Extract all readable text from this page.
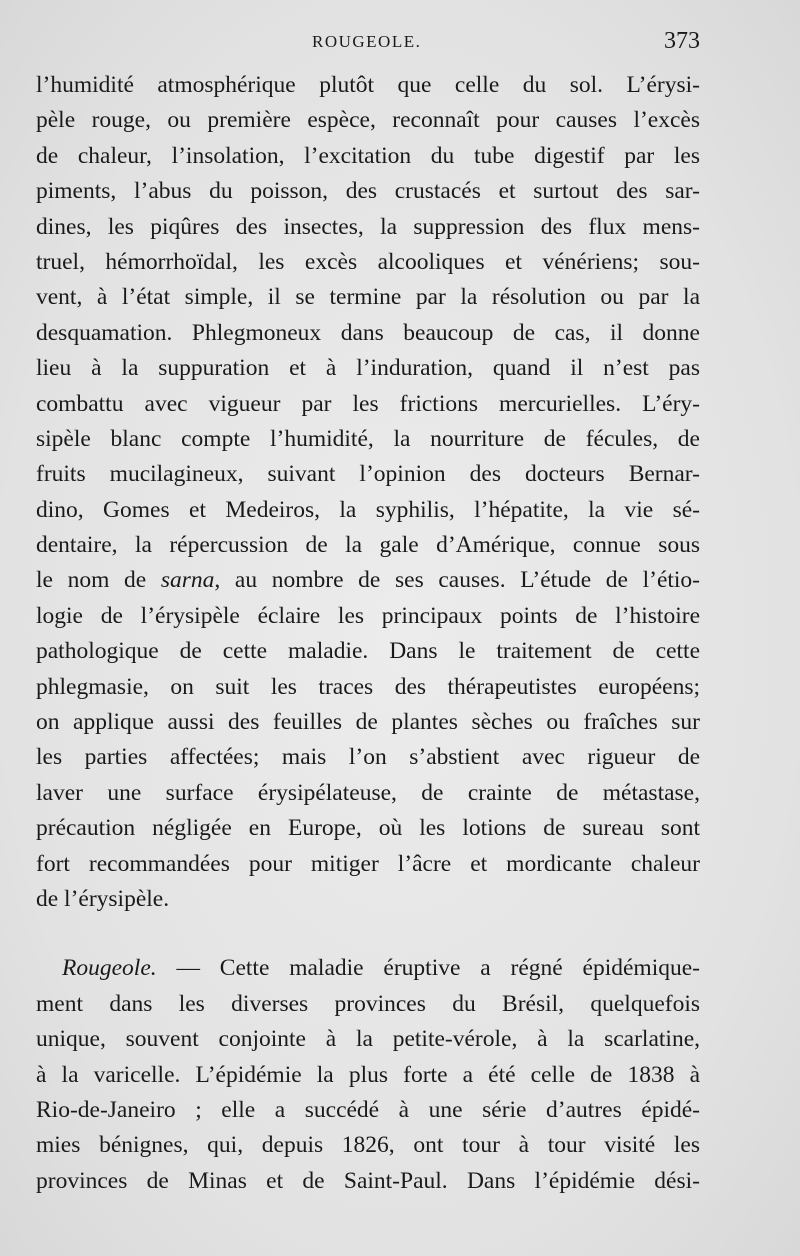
ROUGEOLE.	373
l’humidité atmosphérique plutôt que celle du sol. L’érysi-
pèle rouge, ou première espèce, reconnaît pour causes l’excès
de chaleur, l’insolation, l’excitation du tube digestif par les
piments, l’abus du poisson, des crustacés et surtout des sar-
dines, les piqûres des insectes, la suppression des flux mens-
truel, hémorrhoïdal, les excès alcooliques et vénériens; sou-
vent, à l’état simple, il se termine par la résolution ou par la
desquamation. Phlegmoneux dans beaucoup de cas, il donne
lieu à la suppuration et à l’induration, quand il n’est pas
combattu avec vigueur par les frictions mercurielles. L’éry-
sipèle blanc compte l’humidité, la nourriture de fécules, de
fruits mucilagineux, suivant l’opinion des docteurs Bernar-
dino, Gomes et Medeiros, la syphilis, l’hépatite, la vie sé-
dentaire, la répercussion de la gale d’Amérique, connue sous
le nom de sarna, au nombre de ses causes. L’étude de l’étio-
logie de l’érysipèle éclaire les principaux points de l’histoire
pathologique de cette maladie. Dans le traitement de cette
phlegmasie, on suit les traces des thérapeutistes européens;
on applique aussi des feuilles de plantes sèches ou fraîches sur
les parties affectées; mais l’on s’abstient avec rigueur de
laver une surface érysipélateuse, de crainte de métastase,
précaution négligée en Europe, où les lotions de sureau sont
fort recommandées pour mitiger l’âcre et mordicante chaleur
de l’érysipèle.
Rougeole. — Cette maladie éruptive a régné épidémique-
ment dans les diverses provinces du Brésil, quelquefois
unique, souvent conjointe à la petite-vérole, à la scarlatine,
à la varicelle. L’épidémie la plus forte a été celle de 1838 à
Rio-de-Janeiro ; elle a succédé à une série d’autres épidé-
mies bénignes, qui, depuis 1826, ont tour à tour visité les
provinces de Minas et de Saint-Paul. Dans l’épidémie dési-
